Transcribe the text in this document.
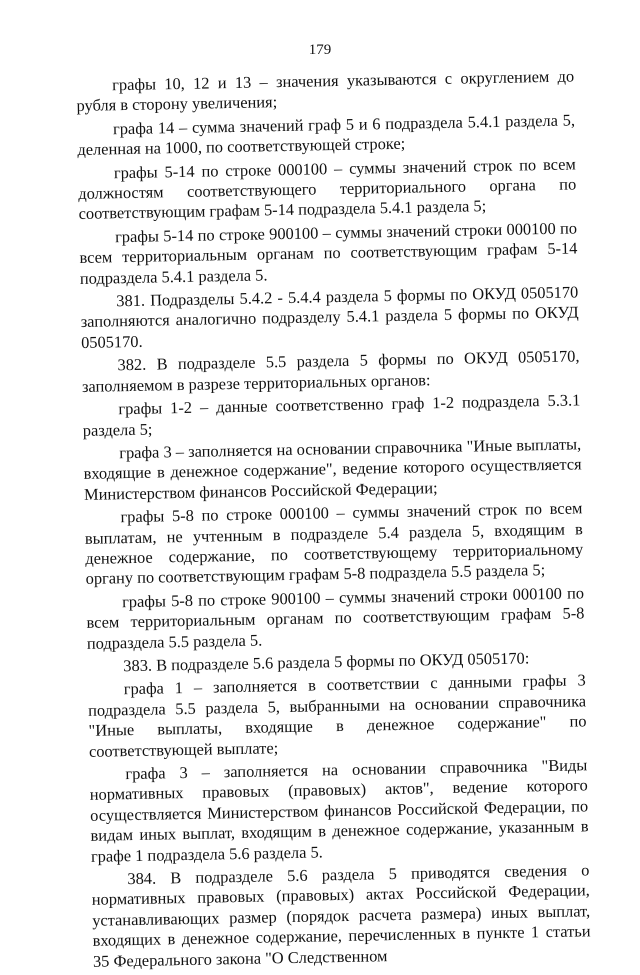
179

графы 10, 12 и 13 – значения указываются с округлением до рубля в сторону увеличения;

графа 14 – сумма значений граф 5 и 6 подраздела 5.4.1 раздела 5, деленная на 1000, по соответствующей строке;

графы 5-14 по строке 000100 – суммы значений строк по всем должностям соответствующего территориального органа по соответствующим графам 5-14 подраздела 5.4.1 раздела 5;

графы 5-14 по строке 900100 – суммы значений строки 000100 по всем территориальным органам по соответствующим графам 5-14 подраздела 5.4.1 раздела 5.

381. Подразделы 5.4.2 - 5.4.4 раздела 5 формы по ОКУД 0505170 заполняются аналогично подразделу 5.4.1 раздела 5 формы по ОКУД 0505170.

382. В подразделе 5.5 раздела 5 формы по ОКУД 0505170, заполняемом в разрезе территориальных органов:

графы 1-2 – данные соответственно граф 1-2 подраздела 5.3.1 раздела 5;

графа 3 – заполняется на основании справочника "Иные выплаты, входящие в денежное содержание", ведение которого осуществляется Министерством финансов Российской Федерации;

графы 5-8 по строке 000100 – суммы значений строк по всем выплатам, не учтенным в подразделе 5.4 раздела 5, входящим в денежное содержание, по соответствующему территориальному органу по соответствующим графам 5-8 подраздела 5.5 раздела 5;

графы 5-8 по строке 900100 – суммы значений строки 000100 по всем территориальным органам по соответствующим графам 5-8 подраздела 5.5 раздела 5.

383. В подразделе 5.6 раздела 5 формы по ОКУД 0505170:

графа 1 – заполняется в соответствии с данными графы 3 подраздела 5.5 раздела 5, выбранными на основании справочника "Иные выплаты, входящие в денежное содержание" по соответствующей выплате;

графа 3 – заполняется на основании справочника "Виды нормативных правовых (правовых) актов", ведение которого осуществляется Министерством финансов Российской Федерации, по видам иных выплат, входящим в денежное содержание, указанным в графе 1 подраздела 5.6 раздела 5.

384. В подразделе 5.6 раздела 5 приводятся сведения о нормативных правовых (правовых) актах Российской Федерации, устанавливающих размер (порядок расчета размера) иных выплат, входящих в денежное содержание, перечисленных в пункте 1 статьи 35 Федерального закона "О Следственном
